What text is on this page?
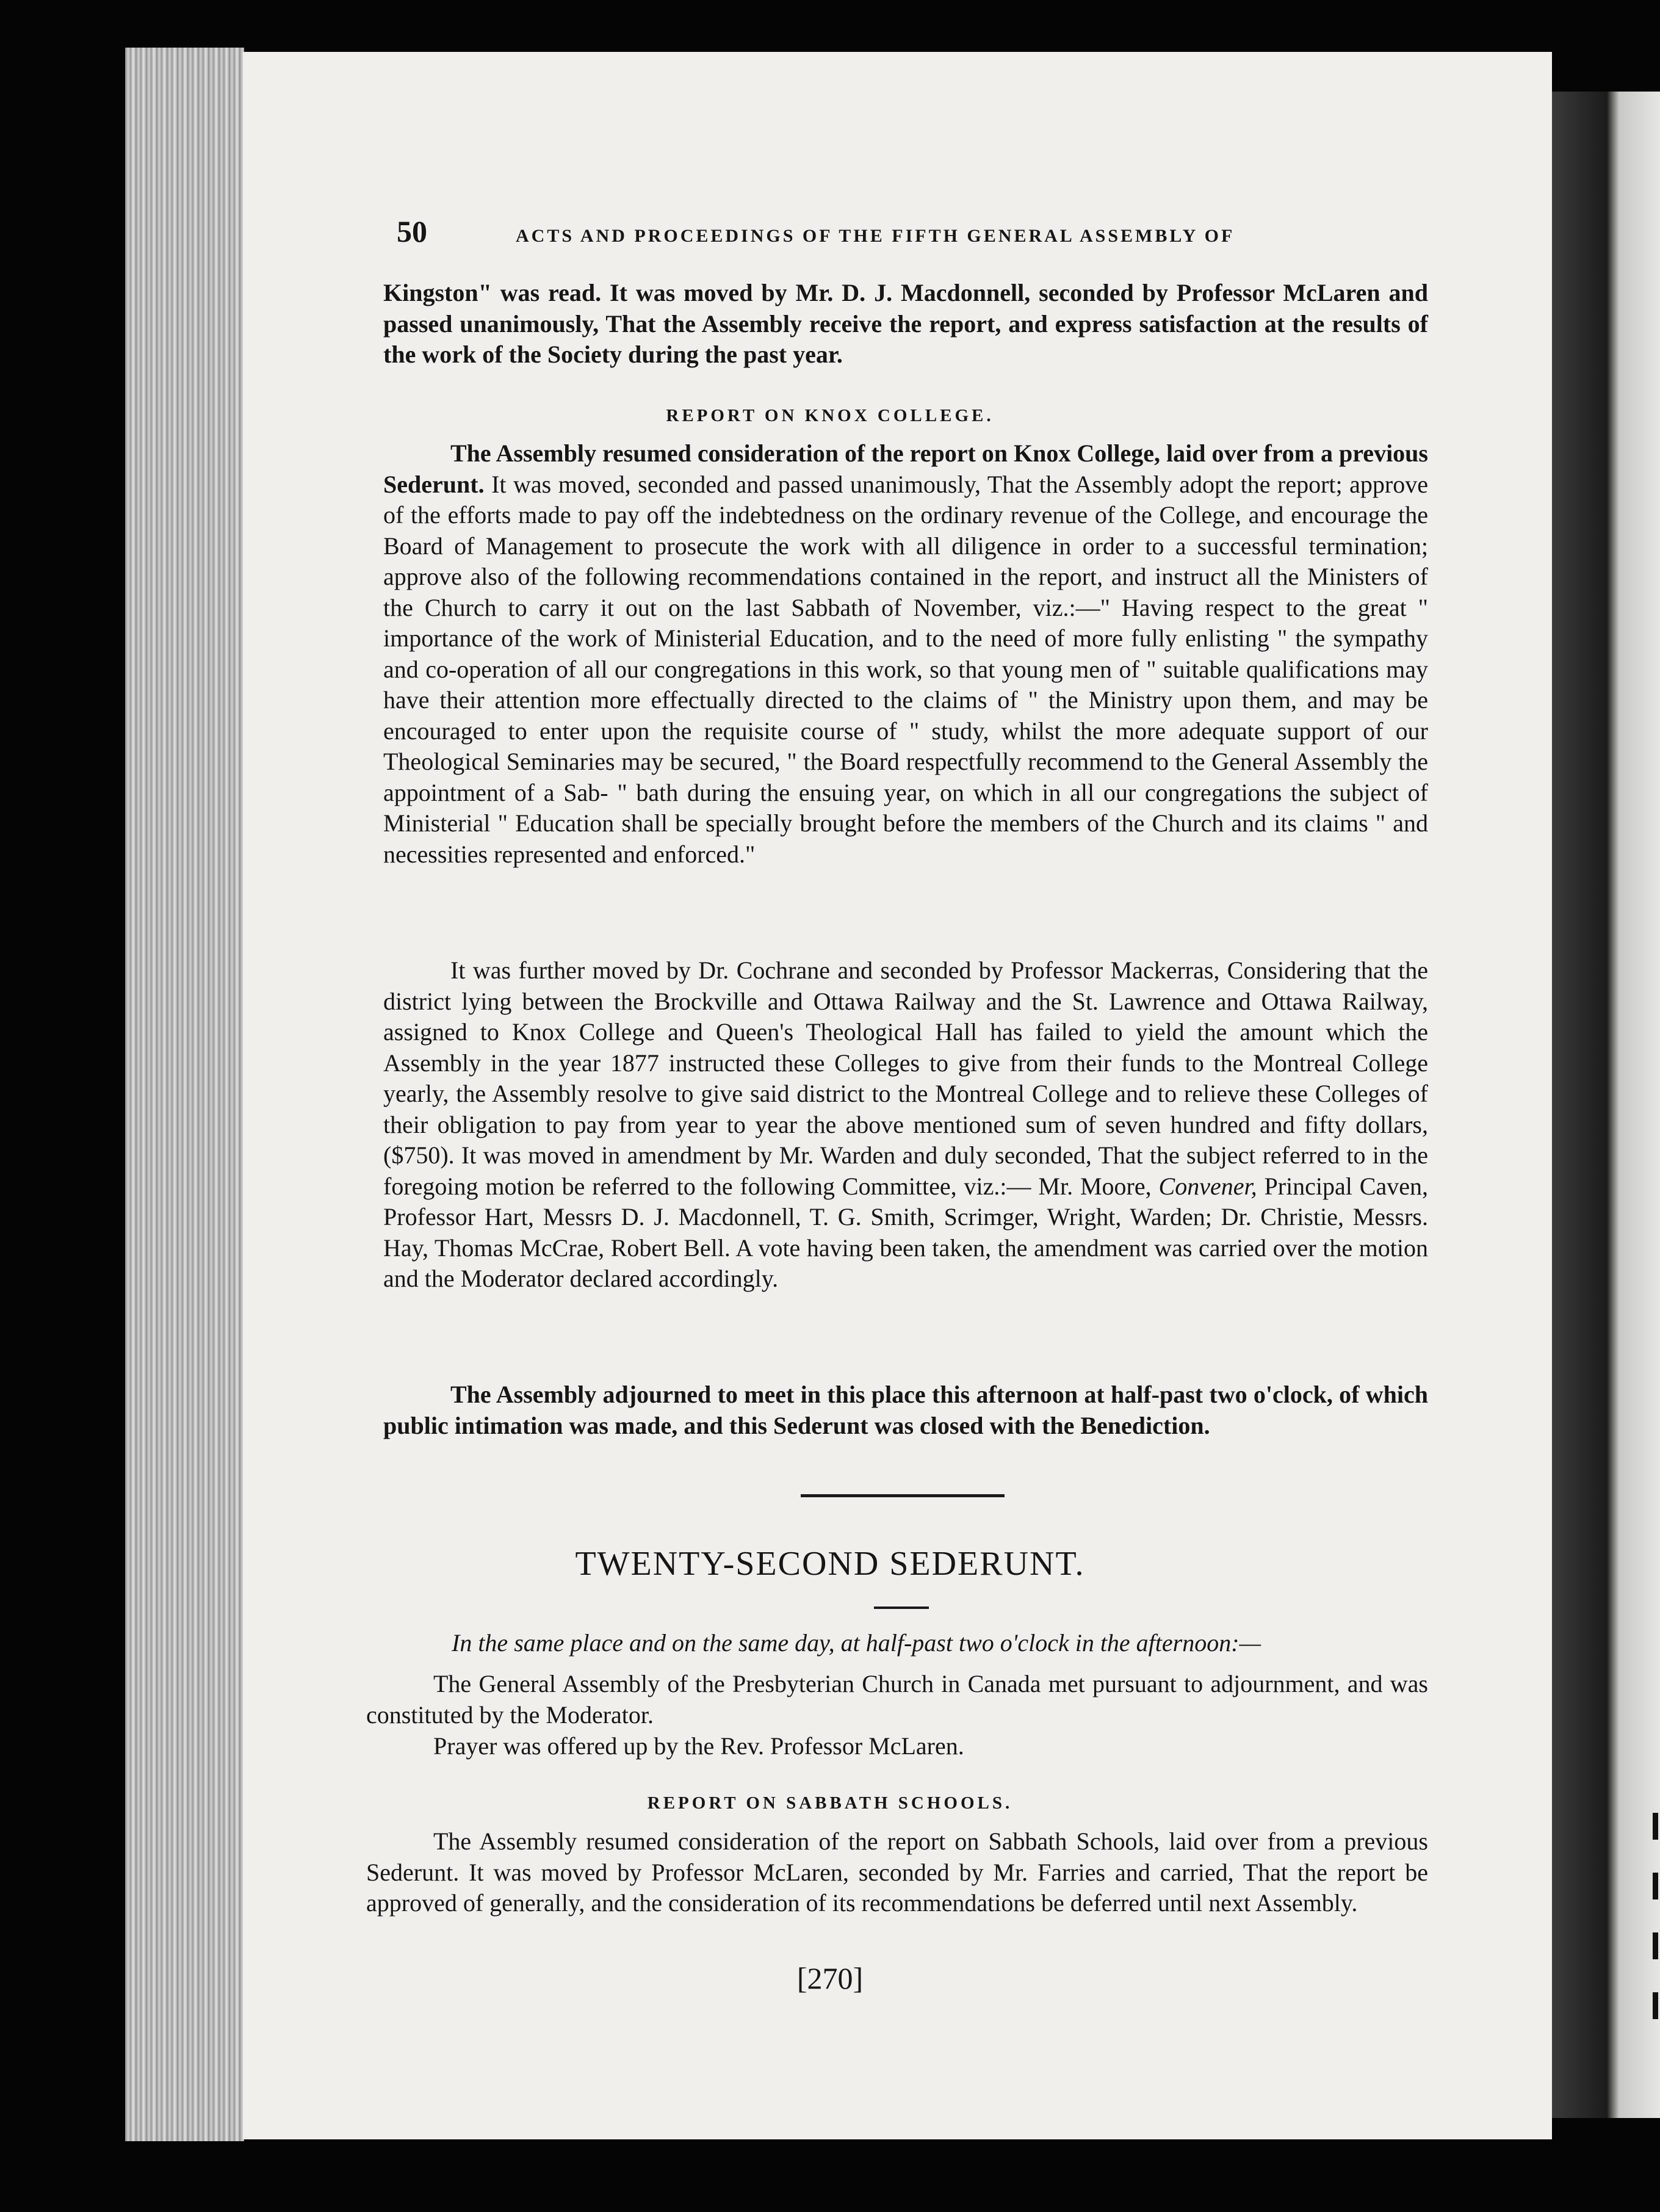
50	ACTS AND PROCEEDINGS OF THE FIFTH GENERAL ASSEMBLY OF

Kingston" was read. It was moved by Mr. D. J. Macdonnell, seconded by Professor McLaren and passed unanimously, That the Assembly receive the report, and express satisfaction at the results of the work of the Society during the past year.

REPORT ON KNOX COLLEGE.

The Assembly resumed consideration of the report on Knox College, laid over from a previous Sederunt. It was moved, seconded and passed unanimously, That the Assembly adopt the report; approve of the efforts made to pay off the indebtedness on the ordinary revenue of the College, and encourage the Board of Management to prosecute the work with all diligence in order to a successful termination; approve also of the following recommendations contained in the report, and instruct all the Ministers of the Church to carry it out on the last Sabbath of November, viz.:—" Having respect to the great " importance of the work of Ministerial Education, and to the need of more fully enlisting " the sympathy and co-operation of all our congregations in this work, so that young men of " suitable qualifications may have their attention more effectually directed to the claims of " the Ministry upon them, and may be encouraged to enter upon the requisite course of " study, whilst the more adequate support of our Theological Seminaries may be secured, " the Board respectfully recommend to the General Assembly the appointment of a Sab- " bath during the ensuing year, on which in all our congregations the subject of Ministerial " Education shall be specially brought before the members of the Church and its claims " and necessities represented and enforced."

It was further moved by Dr. Cochrane and seconded by Professor Mackerras, Considering that the district lying between the Brockville and Ottawa Railway and the St. Lawrence and Ottawa Railway, assigned to Knox College and Queen's Theological Hall has failed to yield the amount which the Assembly in the year 1877 instructed these Colleges to give from their funds to the Montreal College yearly, the Assembly resolve to give said district to the Montreal College and to relieve these Colleges of their obligation to pay from year to year the above mentioned sum of seven hundred and fifty dollars, ($750). It was moved in amendment by Mr. Warden and duly seconded, That the subject referred to in the foregoing motion be referred to the following Committee, viz.:— Mr. Moore, Convener, Principal Caven, Professor Hart, Messrs D. J. Macdonnell, T. G. Smith, Scrimger, Wright, Warden; Dr. Christie, Messrs. Hay, Thomas McCrae, Robert Bell. A vote having been taken, the amendment was carried over the motion and the Moderator declared accordingly.

The Assembly adjourned to meet in this place this afternoon at half-past two o'clock, of which public intimation was made, and this Sederunt was closed with the Benediction.

TWENTY-SECOND SEDERUNT.

In the same place and on the same day, at half-past two o'clock in the afternoon:—

The General Assembly of the Presbyterian Church in Canada met pursuant to adjournment, and was constituted by the Moderator.

Prayer was offered up by the Rev. Professor McLaren.

REPORT ON SABBATH SCHOOLS.

The Assembly resumed consideration of the report on Sabbath Schools, laid over from a previous Sederunt. It was moved by Professor McLaren, seconded by Mr. Farries and carried, That the report be approved of generally, and the consideration of its recommendations be deferred until next Assembly.

[270]
